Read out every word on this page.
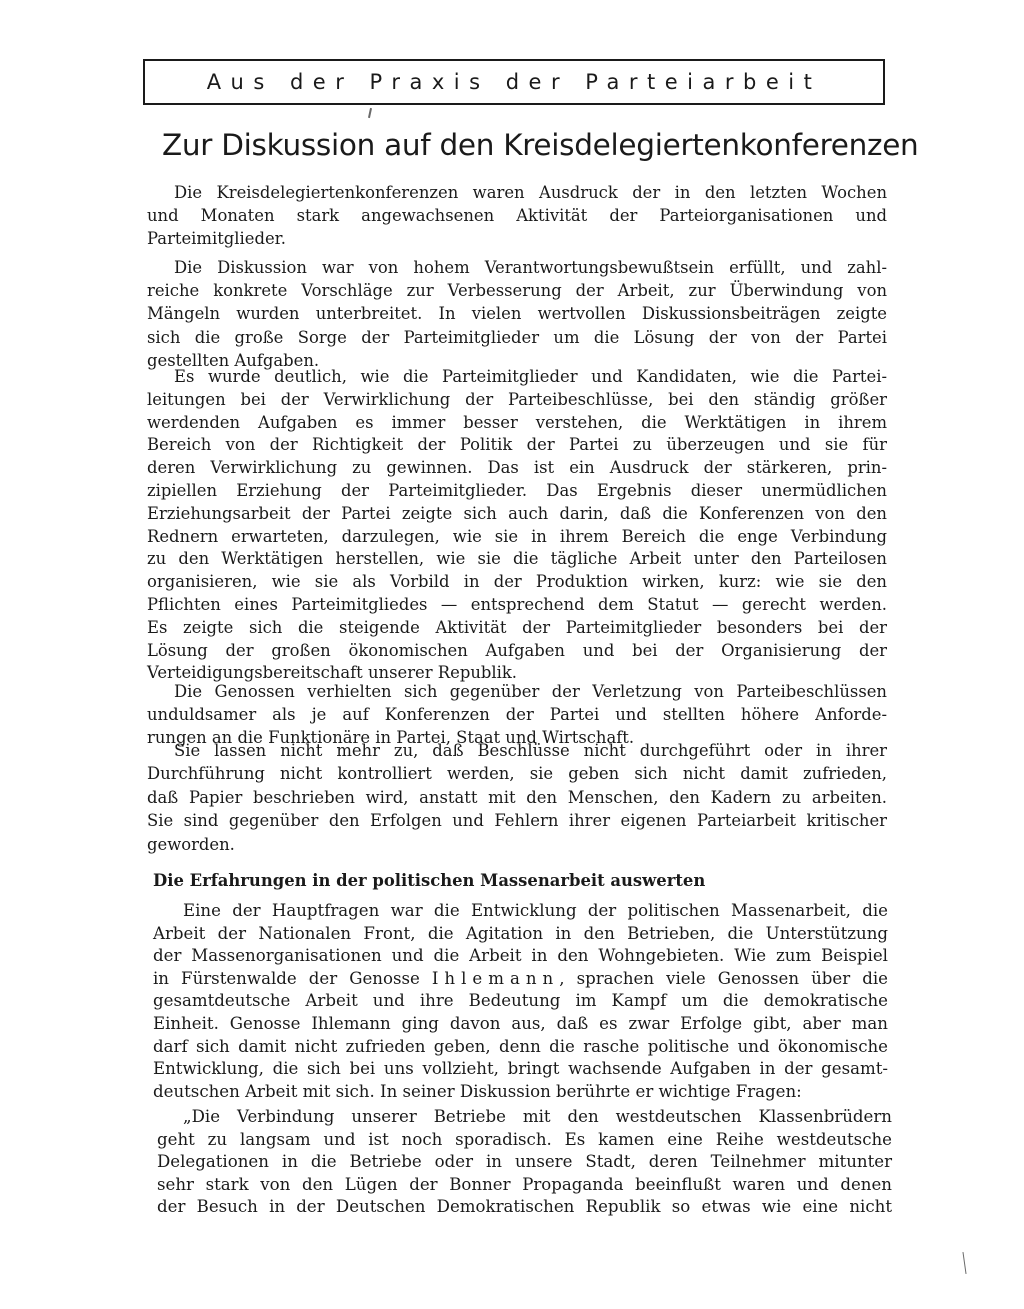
Aus der Praxis der Parteiarbeit
Zur Diskussion auf den Kreisdelegiertenkonferenzen
Die Kreisdelegiertenkonferenzen waren Ausdruck der in den letzten Wochen
und Monaten stark angewachsenen Aktivität der Parteiorganisationen und
Parteimitglieder.
Die Diskussion war von hohem Verantwortungsbewußtsein erfüllt, und zahl-
reiche konkrete Vorschläge zur Verbesserung der Arbeit, zur Überwindung von
Mängeln wurden unterbreitet. In vielen wertvollen Diskussionsbeiträgen zeigte
sich die große Sorge der Parteimitglieder um die Lösung der von der Partei
gestellten Aufgaben.
Es wurde deutlich, wie die Parteimitglieder und Kandidaten, wie die Partei-
leitungen bei der Verwirklichung der Parteibeschlüsse, bei den ständig größer
werdenden Aufgaben es immer besser verstehen, die Werktätigen in ihrem
Bereich von der Richtigkeit der Politik der Partei zu überzeugen und sie für
deren Verwirklichung zu gewinnen. Das ist ein Ausdruck der stärkeren, prin-
zipiellen Erziehung der Parteimitglieder. Das Ergebnis dieser unermüdlichen
Erziehungsarbeit der Partei zeigte sich auch darin, daß die Konferenzen von den
Rednern erwarteten, darzulegen, wie sie in ihrem Bereich die enge Verbindung
zu den Werktätigen herstellen, wie sie die tägliche Arbeit unter den Parteilosen
organisieren, wie sie als Vorbild in der Produktion wirken, kurz: wie sie den
Pflichten eines Parteimitgliedes — entsprechend dem Statut — gerecht werden.
Es zeigte sich die steigende Aktivität der Parteimitglieder besonders bei der
Lösung der großen ökonomischen Aufgaben und bei der Organisierung der
Verteidigungsbereitschaft unserer Republik.
Die Genossen verhielten sich gegenüber der Verletzung von Parteibeschlüssen
unduldsamer als je auf Konferenzen der Partei und stellten höhere Anforde-
rungen an die Funktionäre in Partei, Staat und Wirtschaft.
Sie lassen nicht mehr zu, daß Beschlüsse nicht durchgeführt oder in ihrer
Durchführung nicht kontrolliert werden, sie geben sich nicht damit zufrieden,
daß Papier beschrieben wird, anstatt mit den Menschen, den Kadern zu arbeiten.
Sie sind gegenüber den Erfolgen und Fehlern ihrer eigenen Parteiarbeit kritischer
geworden.
Die Erfahrungen in der politischen Massenarbeit auswerten
Eine der Hauptfragen war die Entwicklung der politischen Massenarbeit, die
Arbeit der Nationalen Front, die Agitation in den Betrieben, die Unterstützung
der Massenorganisationen und die Arbeit in den Wohngebieten. Wie zum Beispiel
in Fürstenwalde der Genosse Ihlemann, sprachen viele Genossen über die
gesamtdeutsche Arbeit und ihre Bedeutung im Kampf um die demokratische
Einheit. Genosse Ihlemann ging davon aus, daß es zwar Erfolge gibt, aber man
darf sich damit nicht zufrieden geben, denn die rasche politische und ökonomische
Entwicklung, die sich bei uns vollzieht, bringt wachsende Aufgaben in der gesamt-
deutschen Arbeit mit sich. In seiner Diskussion berührte er wichtige Fragen:
„Die Verbindung unserer Betriebe mit den westdeutschen Klassenbrüdern
geht zu langsam und ist noch sporadisch. Es kamen eine Reihe westdeutsche
Delegationen in die Betriebe oder in unsere Stadt, deren Teilnehmer mitunter
sehr stark von den Lügen der Bonner Propaganda beeinflußt waren und denen
der Besuch in der Deutschen Demokratischen Republik so etwas wie eine nicht
